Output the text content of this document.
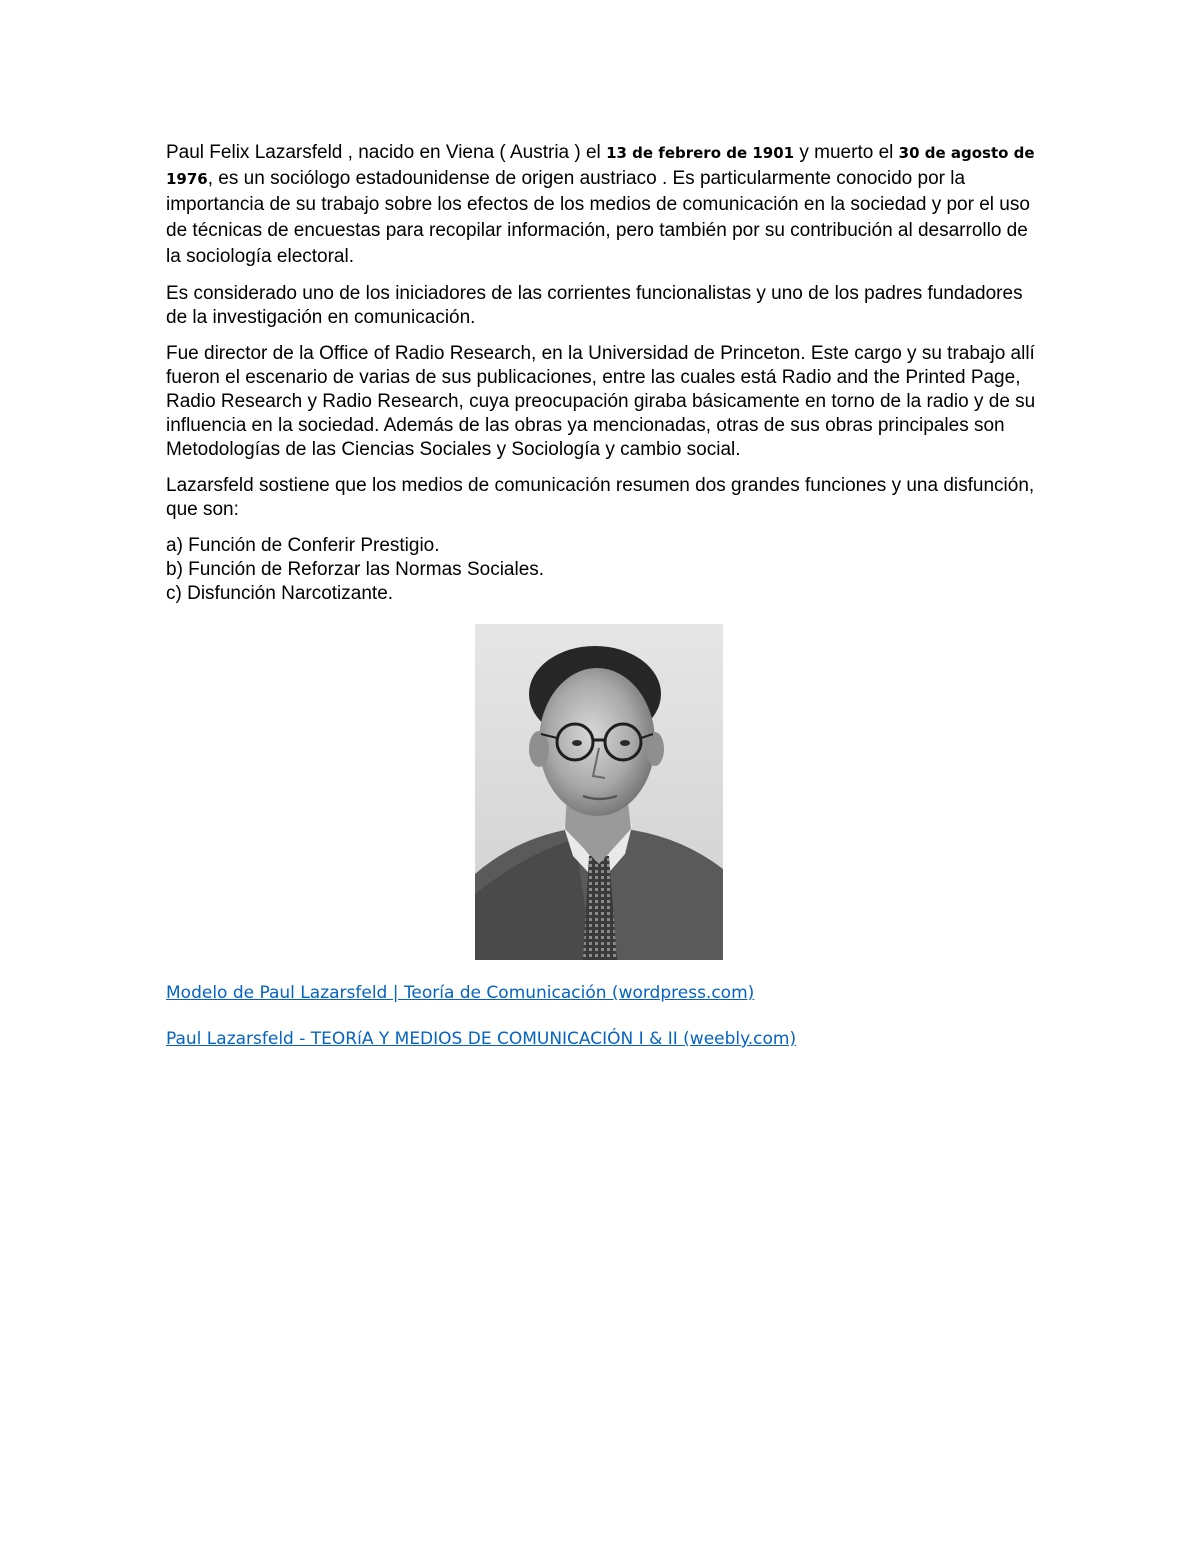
Paul Felix Lazarsfeld , nacido en Viena ( Austria ) el 13 de febrero de 1901 y muerto el 30 de agosto de 1976, es un sociólogo estadounidense de origen austriaco . Es particularmente conocido por la importancia de su trabajo sobre los efectos de los medios de comunicación en la sociedad y por el uso de técnicas de encuestas para recopilar información, pero también por su contribución al desarrollo de la sociología electoral.

Es considerado uno de los iniciadores de las corrientes funcionalistas y uno de los padres fundadores de la investigación en comunicación.

Fue director de la Office of Radio Research, en la Universidad de Princeton. Este cargo y su trabajo allí fueron el escenario de varias de sus publicaciones, entre las cuales está Radio and the Printed Page, Radio Research y Radio Research, cuya preocupación giraba básicamente en torno de la radio y de su influencia en la sociedad. Además de las obras ya mencionadas, otras de sus obras principales son Metodologías de las Ciencias Sociales y Sociología y cambio social.

Lazarsfeld sostiene que los medios de comunicación resumen dos grandes funciones y una disfunción, que son:

a) Función de Conferir Prestigio.
b) Función de Reforzar las Normas Sociales.
c) Disfunción Narcotizante.
Modelo de Paul Lazarsfeld | Teoría de Comunicación (wordpress.com)
Paul Lazarsfeld - TEORíA Y MEDIOS DE COMUNICACIÓN I & II (weebly.com)
